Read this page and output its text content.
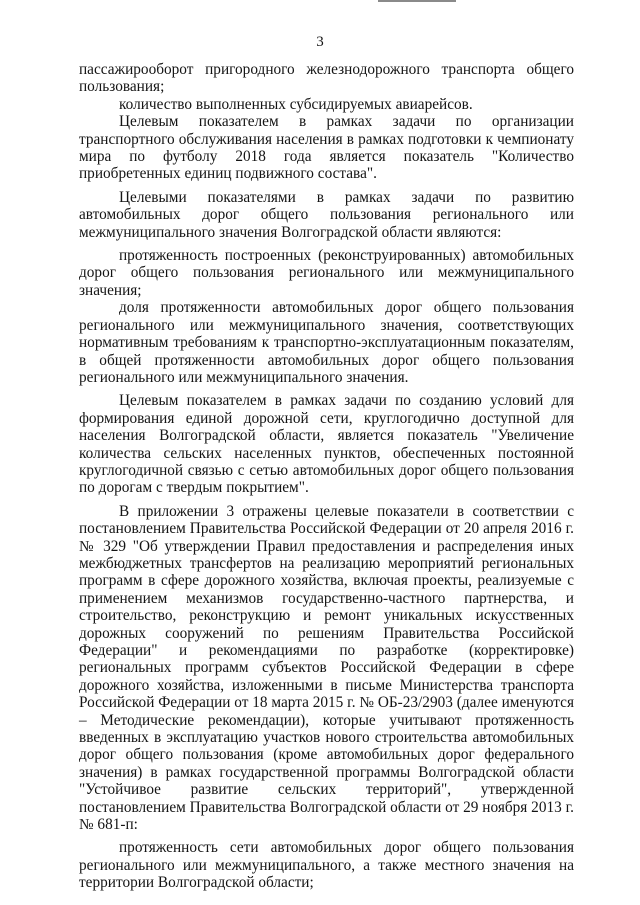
3

пассажирооборот пригородного железнодорожного транспорта общего пользования;

количество выполненных субсидируемых авиарейсов.

Целевым показателем в рамках задачи по организации транспортного обслуживания населения в рамках подготовки к чемпионату мира по футболу 2018 года является показатель "Количество приобретенных единиц подвижного состава".

Целевыми показателями в рамках задачи по развитию автомобильных дорог общего пользования регионального или межмуниципального значения Волгоградской области являются:

протяженность построенных (реконструированных) автомобильных дорог общего пользования регионального или межмуниципального значения;

доля протяженности автомобильных дорог общего пользования регионального или межмуниципального значения, соответствующих нормативным требованиям к транспортно-эксплуатационным показателям, в общей протяженности автомобильных дорог общего пользования регионального или межмуниципального значения.

Целевым показателем в рамках задачи по созданию условий для формирования единой дорожной сети, круглогодично доступной для населения Волгоградской области, является показатель "Увеличение количества сельских населенных пунктов, обеспеченных постоянной круглогодичной связью с сетью автомобильных дорог общего пользования по дорогам с твердым покрытием".

В приложении 3 отражены целевые показатели в соответствии с постановлением Правительства Российской Федерации от 20 апреля 2016 г. № 329 "Об утверждении Правил предоставления и распределения иных межбюджетных трансфертов на реализацию мероприятий региональных программ в сфере дорожного хозяйства, включая проекты, реализуемые с применением механизмов государственно-частного партнерства, и строительство, реконструкцию и ремонт уникальных искусственных дорожных сооружений по решениям Правительства Российской Федерации" и рекомендациями по разработке (корректировке) региональных программ субъектов Российской Федерации в сфере дорожного хозяйства, изложенными в письме Министерства транспорта Российской Федерации от 18 марта 2015 г. № ОБ-23/2903 (далее именуются – Методические рекомендации), которые учитывают протяженность введенных в эксплуатацию участков нового строительства автомобильных дорог общего пользования (кроме автомобильных дорог федерального значения) в рамках государственной программы Волгоградской области "Устойчивое развитие сельских территорий", утвержденной постановлением Правительства Волгоградской области от 29 ноября 2013 г. № 681-п:

протяженность сети автомобильных дорог общего пользования регионального или межмуниципального, а также местного значения на территории Волгоградской области;
